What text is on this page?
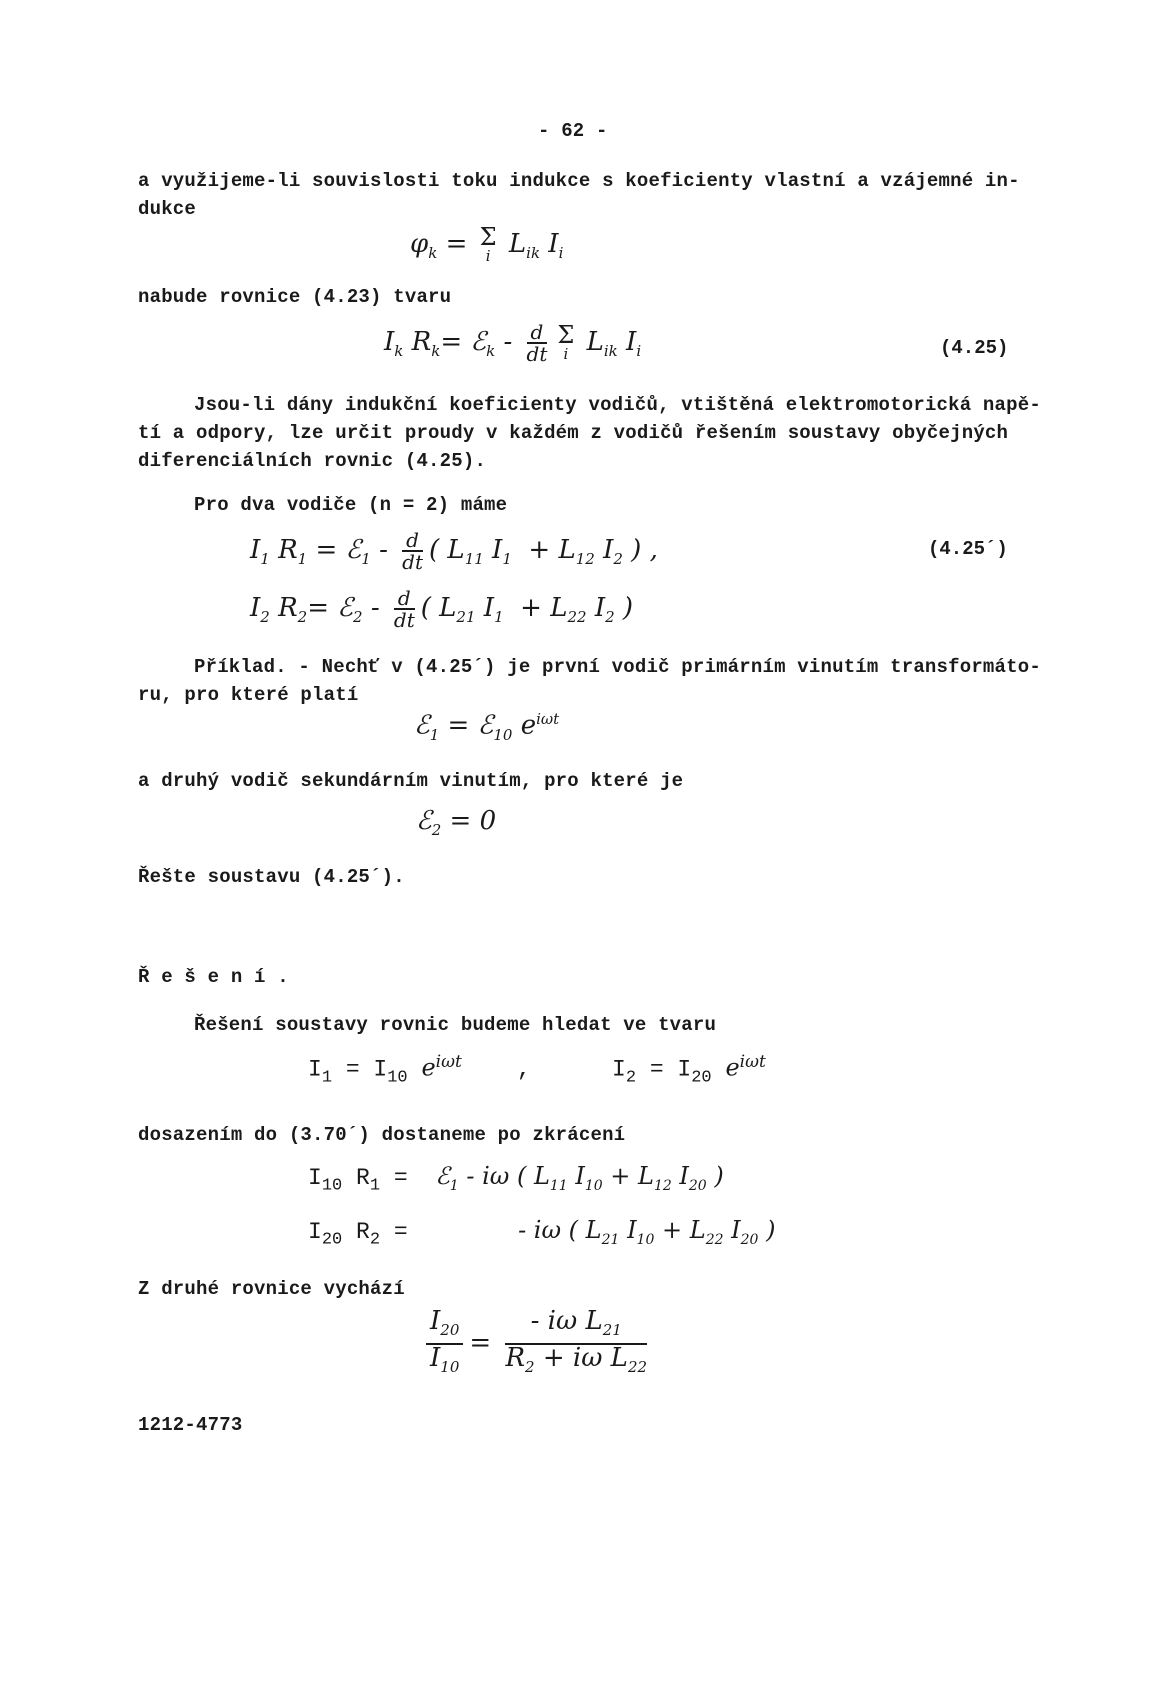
- 62 -
a využijeme-li souvislosti toku indukce s koeficienty vlastní a vzájemné in-
dukce
$\varphi_k = \Sigma$
i $L_{ik}$ $I_i$
nabude rovnice (4.23) tvaru
$I_k$ $R_k=$ ℰ$_k$ - $\frac{d}{dt}$ Σ
i $L_{ik}$ $I_i$	(4.25)
Jsou-li dány indukční koeficienty vodičů, vtištěná elektromotorická napě-
tí a odpory, lze určit proudy v každém z vodičů řešením soustavy obyčejných
diferenciálních rovnic (4.25).
Pro dva vodiče (n = 2) máme
$I_1$ $R_1$ = ℰ$_1$ - $\frac{d}{dt}$ ( $L_{11}$ $I_1 + L_{12}$ $I_2$ ) ,	(4.25´)
$I_2$ $R_2=$ ℰ$_2$ - $\frac{d}{dt}$ ( $L_{21}$ $I_1 + L_{22}$ $I_2$ )
Příklad. - Nechť v (4.25´) je první vodič primárním vinutím transformáto-
ru, pro které platí
ℰ$_1$ = ℰ$_{10}$ $e^{i\omega t}$
a druhý vodič sekundárním vinutím, pro které je
ℰ$_2$ = 0
Řešte soustavu (4.25´).
Ř e š e n í .
Řešení soustavy rovnic budeme hledat ve tvaru
$I_1 = I_{10}$ $e^{i\omega t}$    ,	$I_2 = I_{20}$ $e^{i\omega t}$
dosazením do (3.70´) dostaneme po zkrácení
$I_{10}$ $R_1$ =  ℰ$_1$ - iω ( $L_{11}$ $I_{10} + L_{12}$ $I_{20}$ )
$I_{20}$ $R_2$ =        - iω ( $L_{21}$ $I_{10} + L_{22}$ $I_{20}$ )
Z druhé rovnice vychází
$\frac{I_{20}}{I_{10}} = \frac{- i\omega L_{21}}{R_2 + i\omega L_{22}}$
1212-4773
